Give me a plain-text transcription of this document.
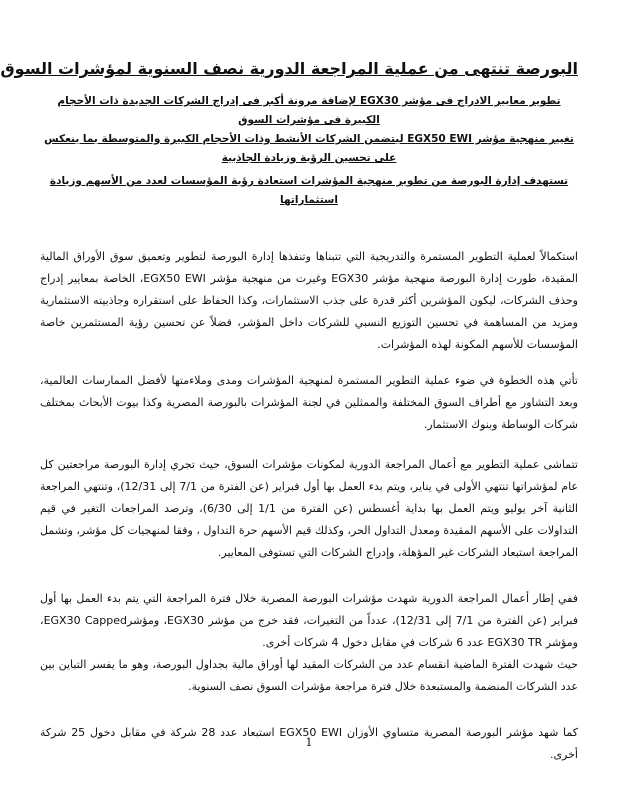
البورصة تنتهى من عملية المراجعة الدورية نصف السنوية لمؤشرات السوق

تطوير معايير الادراج فى مؤشر EGX30 لإضافة مرونة أكبر فى إدراج الشركات الجديدة ذات الأحجام الكبيرة فى مؤشرات السوق

تغيير منهجية مؤشر EGX50 EWI ليتضمن الشركات الأنشط وذات الأحجام الكبيرة والمتوسطة بما ينعكس على تحسين الرؤية وزيادة الجاذبية

تستهدف إدارة البورصة من تطوير منهجية المؤشرات استعادة رؤية المؤسسات لعدد من الأسهم وزيادة استثماراتها

استكمالاً لعملية التطوير المستمرة والتدريجية التي تتبناها وتنفذها إدارة البورصة لتطوير وتعميق سوق الأوراق المالية المقيدة، طورت إدارة البورصة منهجية مؤشر EGX30 وغيرت من منهجية مؤشر EGX50 EWI، الخاصة بمعايير إدراج وحذف الشركات، ليكون المؤشرين أكثر قدرة على جذب الاستثمارات، وكذا الحفاظ على استقراره وجاذبيته الاستثمارية ومزيد من المساهمة في تحسين التوزيع النسبي للشركات داخل المؤشر، فضلاً عن تحسين رؤية المستثمرين خاصة المؤسسات للأسهم المكونة لهذه المؤشرات.

تأتي هذه الخطوة في ضوء عملية التطوير المستمرة لمنهجية المؤشرات ومدى وملاءمتها لأفضل الممارسات العالمية، وبعد التشاور مع أطراف السوق المختلفة والممثلين في لجنة المؤشرات بالبورصة المصرية وكذا بيوت الأبحاث بمختلف شركات الوساطة وبنوك الاستثمار.

تتماشى عملية التطوير مع أعمال المراجعة الدورية لمكونات مؤشرات السوق، حيث تجري إدارة البورصة مراجعتين كل عام لمؤشراتها تنتهي الأولى في يناير، ويتم بدء العمل بها أول فبراير (عن الفترة من 7/1 إلى 12/31)، وتنتهي المراجعة الثانية آخر يوليو ويتم العمل بها بداية أغسطس (عن الفترة من 1/1 إلى 6/30)، وترصد المراجعات التغير في قيم التداولات على الأسهم المقيدة ومعدل التداول الحر، وكذلك قيم الأسهم حرة التداول ، وفقا لمنهجيات كل مؤشر، وتشمل المراجعة استبعاد الشركات غير المؤهلة، وإدراج الشركات التي تستوفى المعايير.

ففي إطار أعمال المراجعة الدورية شهدت مؤشرات البورصة المصرية خلال فترة المراجعة التي يتم بدء العمل بها أول فبراير (عن الفترة من 7/1 إلى 12/31)، عدداً من التغيرات، فقد خرج من مؤشر EGX30، ومؤشرEGX30 Capped، ومؤشر EGX30 TR عدد 6 شركات في مقابل دخول 4 شركات أخرى.

حيث شهدت الفترة الماضية انقسام عدد من الشركات المقيد لها أوراق مالية بجداول البورصة، وهو ما يفسر التباين بين عدد الشركات المنضمة والمستبعدة خلال فترة مراجعة مؤشرات السوق نصف السنوية.

كما شهد مؤشر البورصة المصرية متساوي الأوزان EGX50 EWI استبعاد عدد 28 شركة في مقابل دخول 25 شركة أخرى.

1
